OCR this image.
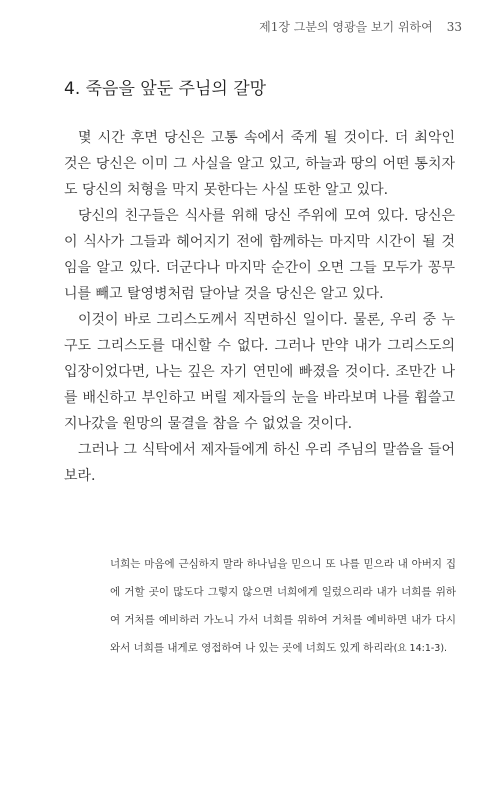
제1장 그분의 영광을 보기 위하여 33
4. 죽음을 앞둔 주님의 갈망

몇 시간 후면 당신은 고통 속에서 죽게 될 것이다. 더 최악인 것은 당신은 이미 그 사실을 알고 있고, 하늘과 땅의 어떤 통치자도 당신의 처형을 막지 못한다는 사실 또한 알고 있다.

당신의 친구들은 식사를 위해 당신 주위에 모여 있다. 당신은 이 식사가 그들과 헤어지기 전에 함께하는 마지막 시간이 될 것임을 알고 있다. 더군다나 마지막 순간이 오면 그들 모두가 꽁무니를 빼고 탈영병처럼 달아날 것을 당신은 알고 있다.

이것이 바로 그리스도께서 직면하신 일이다. 물론, 우리 중 누구도 그리스도를 대신할 수 없다. 그러나 만약 내가 그리스도의 입장이었다면, 나는 깊은 자기 연민에 빠졌을 것이다. 조만간 나를 배신하고 부인하고 버릴 제자들의 눈을 바라보며 나를 휩쓸고 지나갔을 원망의 물결을 참을 수 없었을 것이다.

그러나 그 식탁에서 제자들에게 하신 우리 주님의 말씀을 들어 보라.

너희는 마음에 근심하지 말라 하나님을 믿으니 또 나를 믿으라 내 아버지 집에 거할 곳이 많도다 그렇지 않으면 너희에게 일렀으리라 내가 너희를 위하여 거처를 예비하러 가노니 가서 너희를 위하여 거처를 예비하면 내가 다시 와서 너희를 내게로 영접하여 나 있는 곳에 너희도 있게 하리라(요 14:1-3).
